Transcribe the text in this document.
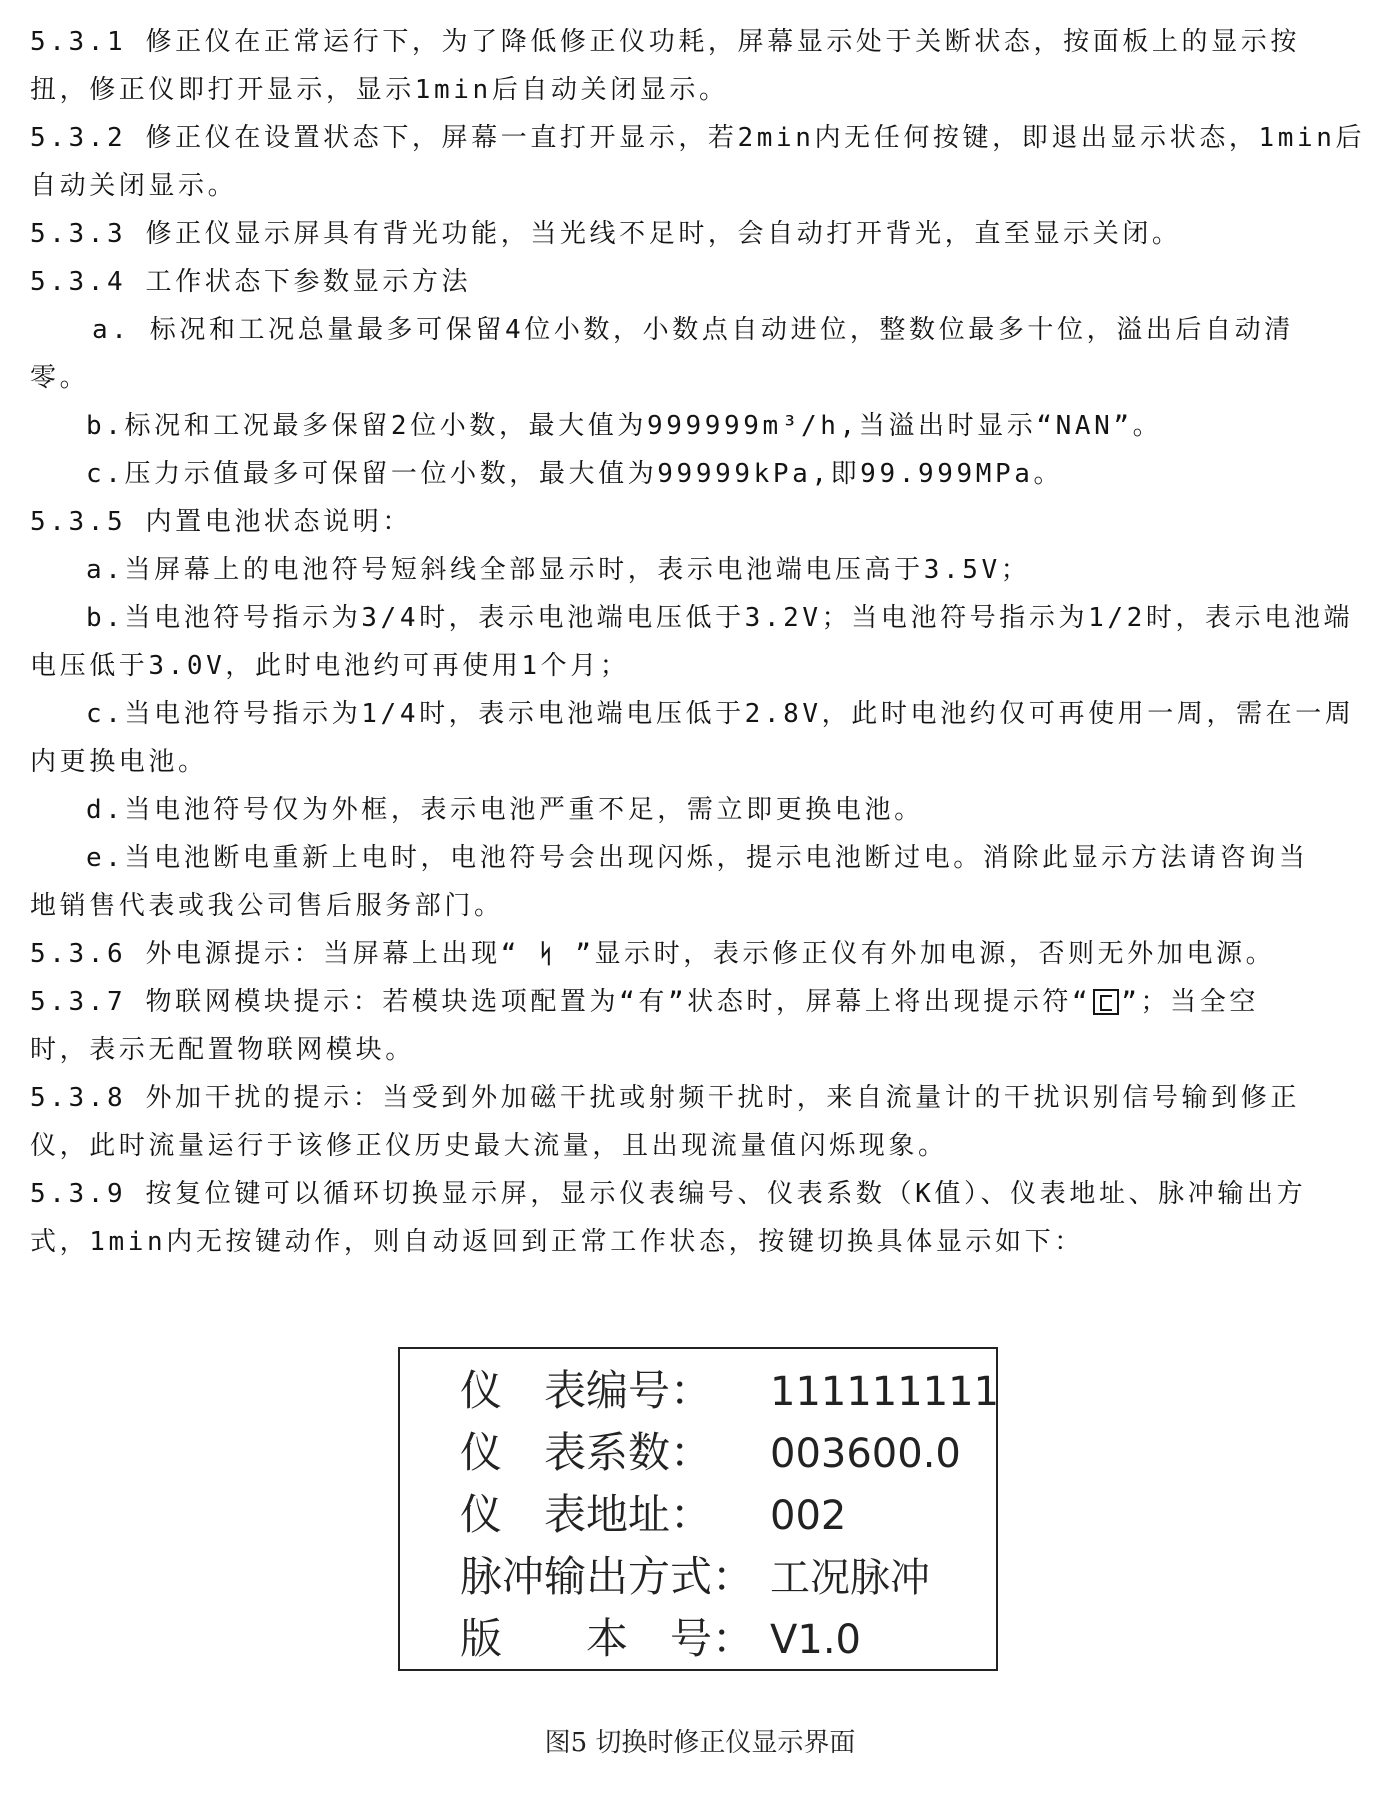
5.3.1 修正仪在正常运行下，为了降低修正仪功耗，屏幕显示处于关断状态，按面板上的显示按
扭，修正仪即打开显示，显示1min后自动关闭显示。
5.3.2 修正仪在设置状态下，屏幕一直打开显示，若2min内无任何按键，即退出显示状态，1min后
自动关闭显示。
5.3.3 修正仪显示屏具有背光功能，当光线不足时，会自动打开背光，直至显示关闭。
5.3.4 工作状态下参数显示方法
a. 标况和工况总量最多可保留4位小数，小数点自动进位，整数位最多十位，溢出后自动清
零。
b.标况和工况最多保留2位小数，最大值为999999m³/h,当溢出时显示“NAN”。
c.压力示值最多可保留一位小数，最大值为99999kPa,即99.999MPa。
5.3.5 内置电池状态说明：
a.当屏幕上的电池符号短斜线全部显示时，表示电池端电压高于3.5V；
b.当电池符号指示为3/4时，表示电池端电压低于3.2V；当电池符号指示为1/2时，表示电池端
电压低于3.0V，此时电池约可再使用1个月；
c.当电池符号指示为1/4时，表示电池端电压低于2.8V，此时电池约仅可再使用一周，需在一周
内更换电池。
d.当电池符号仅为外框，表示电池严重不足，需立即更换电池。
e.当电池断电重新上电时，电池符号会出现闪烁，提示电池断过电。消除此显示方法请咨询当
地销售代表或我公司售后服务部门。
5.3.6 外电源提示：当屏幕上出现“ ᛋ ”显示时，表示修正仪有外加电源，否则无外加电源。
5.3.7 物联网模块提示：若模块选项配置为“有”状态时，屏幕上将出现提示符“ ”；当全空
时，表示无配置物联网模块。
5.3.8 外加干扰的提示：当受到外加磁干扰或射频干扰时，来自流量计的干扰识别信号输到修正
仪，此时流量运行于该修正仪历史最大流量，且出现流量值闪烁现象。
5.3.9 按复位键可以循环切换显示屏，显示仪表编号、仪表系数（K值）、仪表地址、脉冲输出方
式，1min内无按键动作，则自动返回到正常工作状态，按键切换具体显示如下：
仪　表编号： 111111111
仪　表系数： 003600.0
仪　表地址： 002
脉冲输出方式： 工况脉冲
版　　本　号： V1.0
图5 切换时修正仪显示界面
